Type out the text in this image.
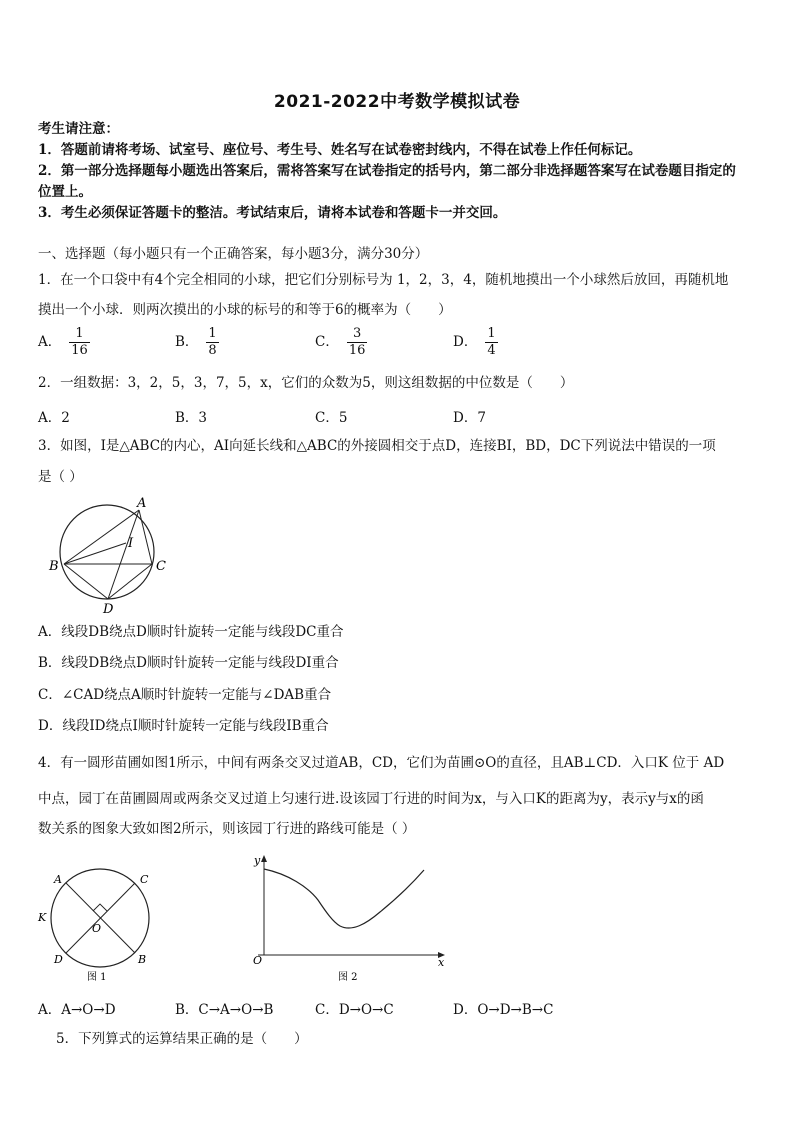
2021-2022中考数学模拟试卷
考生请注意：
1．答题前请将考场、试室号、座位号、考生号、姓名写在试卷密封线内，不得在试卷上作任何标记。
2．第一部分选择题每小题选出答案后，需将答案写在试卷指定的括号内，第二部分非选择题答案写在试卷题目指定的
位置上。
3．考生必须保证答题卡的整洁。考试结束后，请将本试卷和答题卡一并交回。
一、选择题（每小题只有一个正确答案，每小题3分，满分30分）
1．在一个口袋中有4个完全相同的小球，把它们分别标号为 1，2，3，4，随机地摸出一个小球然后放回，再随机地
摸出一个小球．则两次摸出的小球的标号的和等于6的概率为（　　）
A． $\frac{1}{16}$	B． $\frac{1}{8}$	C． $\frac{3}{16}$	D． $\frac{1}{4}$
2．一组数据：3，2，5，3，7，5，x，它们的众数为5，则这组数据的中位数是（　　）
A．2	B．3	C．5	D．7
3．如图，I是△ABC的内心，AI向延长线和△ABC的外接圆相交于点D，连接BI，BD，DC下列说法中错误的一项
是（ ）
A
I
B	C
D
A．线段DB绕点D顺时针旋转一定能与线段DC重合
B．线段DB绕点D顺时针旋转一定能与线段DI重合
C．∠CAD绕点A顺时针旋转一定能与∠DAB重合
D．线段ID绕点I顺时针旋转一定能与线段IB重合
4．有一圆形苗圃如图1所示，中间有两条交叉过道AB，CD，它们为苗圃⊙O的直径，且AB⊥CD．入口K 位于 AD
中点，园丁在苗圃圆周或两条交叉过道上匀速行进.设该园丁行进的时间为x，与入口K的距离为y，表示y与x的函
数关系的图象大致如图2所示，则该园丁行进的路线可能是（ ）
A	C
K
O
D	B
图 1
y
O	x
图 2
A．A→O→D	B．C→A→O→B	C．D→O→C	D．O→D→B→C
5．下列算式的运算结果正确的是（　　）
